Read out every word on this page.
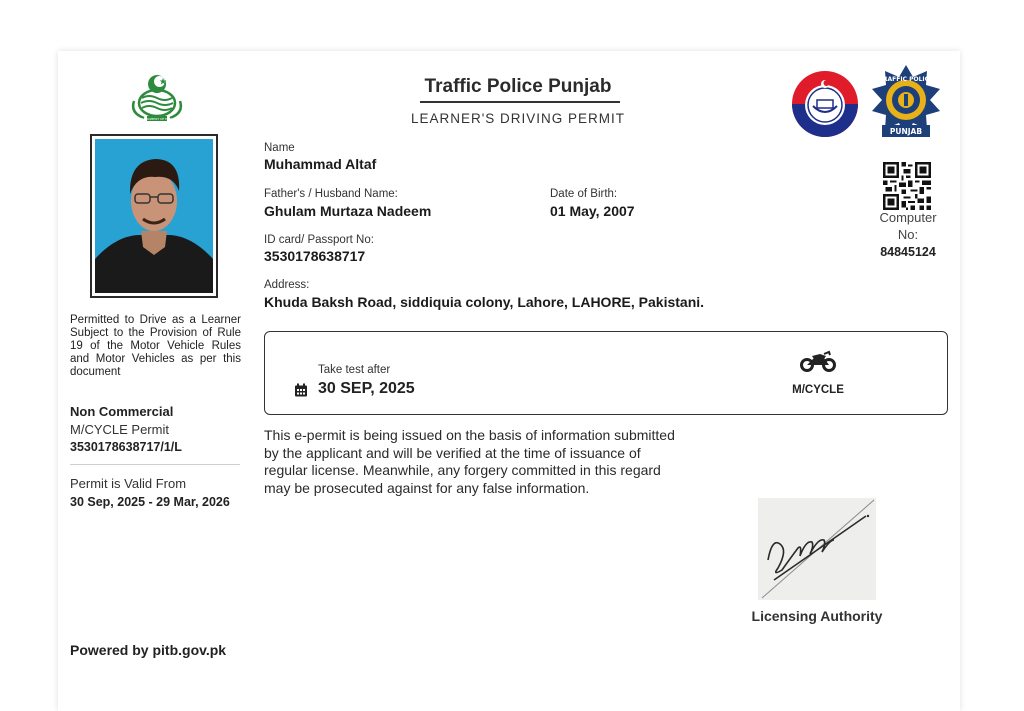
GOVERNMENT OF PUNJAB
Traffic Police Punjab
LEARNER'S DRIVING PERMIT
TRAFFIC POLICE
PUNJAB
Name
Muhammad Altaf
Father's / Husband Name:
Ghulam Murtaza Nadeem
Date of Birth:
01 May, 2007
ID card/ Passport No:
3530178638717
Address:
Khuda Baksh Road, siddiquia colony, Lahore, LAHORE, Pakistani.
Computer No:
84845124
Permitted to Drive as a Learner Subject to the Provision of Rule 19 of the Motor Vehicle Rules and Motor Vehicles as per this document
Non Commercial
M/CYCLE Permit
3530178638717/1/L
Permit is Valid From
30 Sep, 2025 - 29 Mar, 2026
Powered by pitb.gov.pk
Take test after
30 SEP, 2025	M/CYCLE
This e-permit is being issued on the basis of information submitted by the applicant and will be verified at the time of issuance of regular license. Meanwhile, any forgery committed in this regard may be prosecuted against for any false information.
Licensing Authority
